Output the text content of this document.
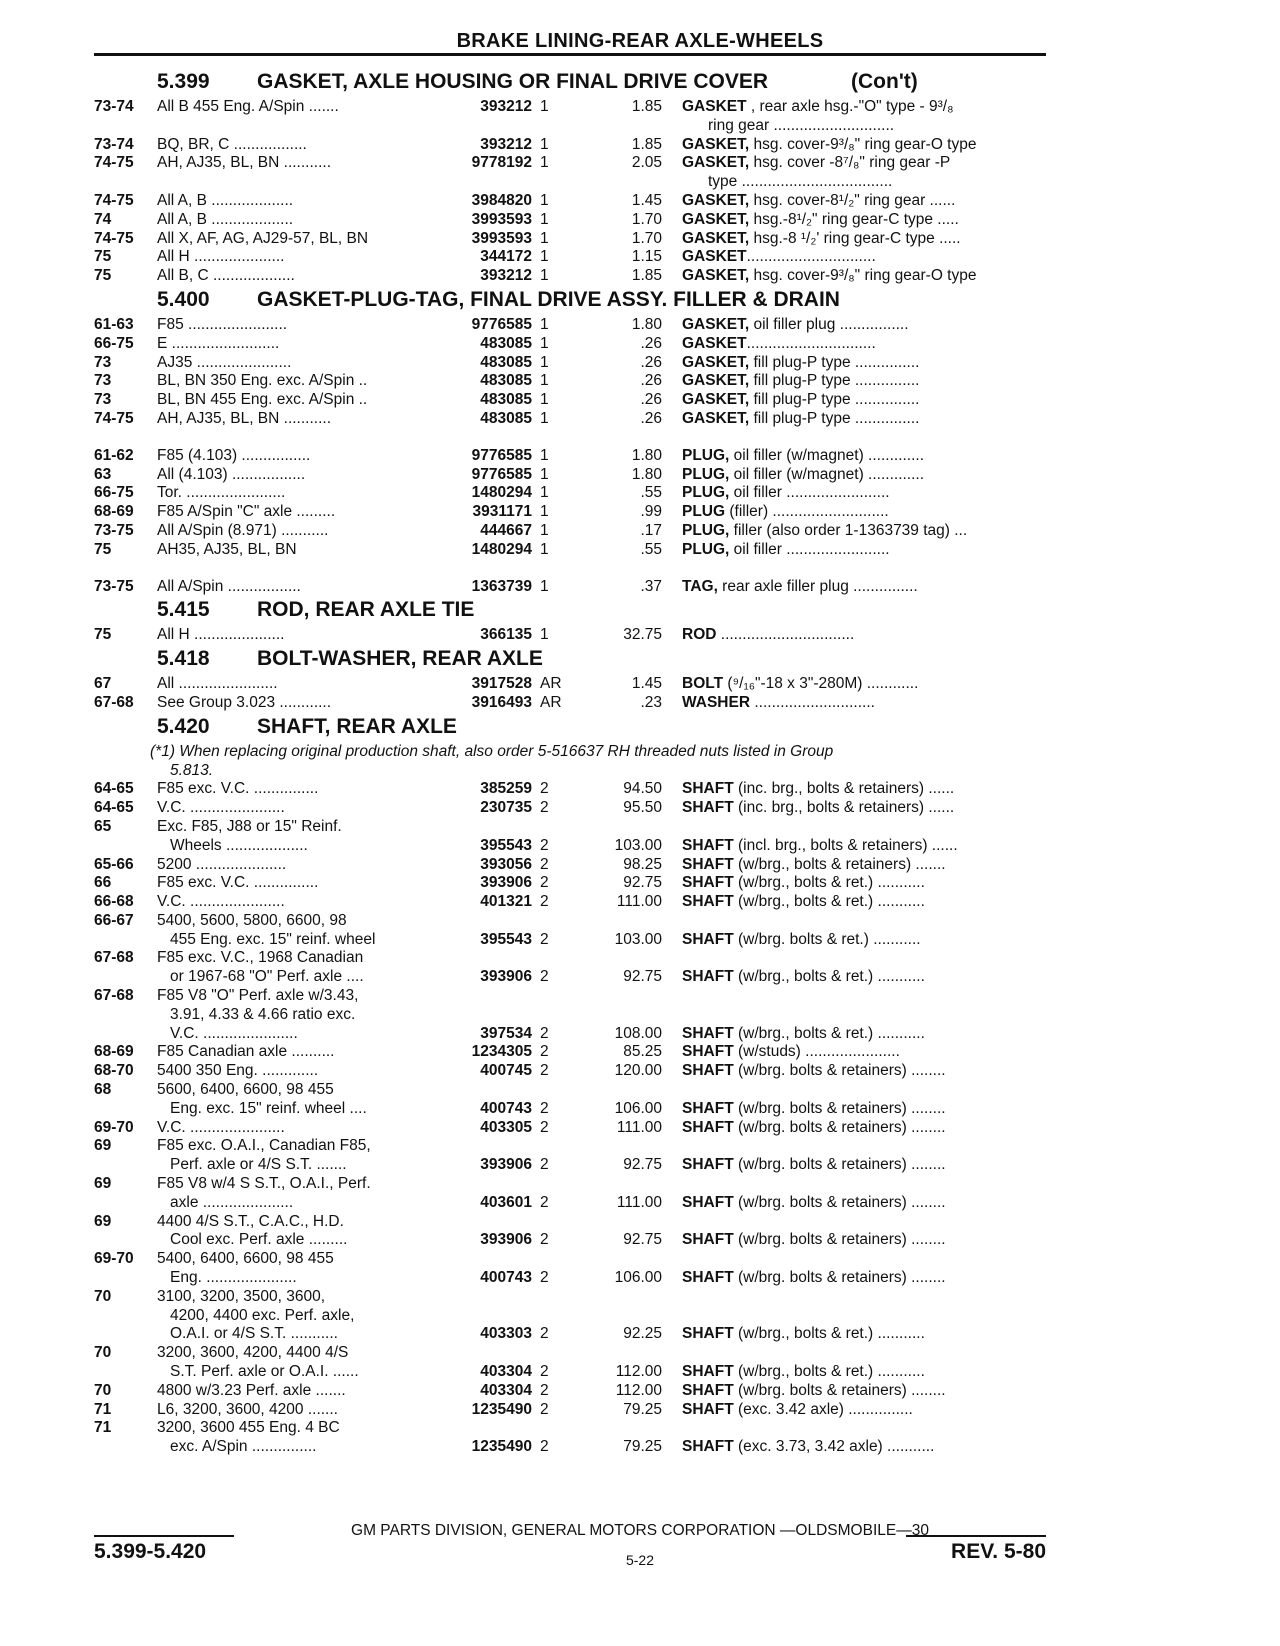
BRAKE LINING-REAR AXLE-WHEELS
5.399 GASKET, AXLE HOUSING OR FINAL DRIVE COVER	(Con't)
73-74 All B 455 Eng. A/Spin .......	393212 1	1.85 GASKET , rear axle hsg.-"O" type - 9³/₈
ring gear ............................
73-74 BQ, BR, C .................	393212 1	1.85 GASKET, hsg. cover-9³/₈" ring gear-O type
74-75 AH, AJ35, BL, BN ...........	9778192 1	2.05 GASKET, hsg. cover -8⁷/₈" ring gear -P
type ...................................
74-75 All A, B ...................	3984820 1	1.45 GASKET, hsg. cover-8¹/₂" ring gear ......
74	All A, B ...................	3993593 1	1.70 GASKET, hsg.-8¹/₂" ring gear-C type .....
74-75 All X, AF, AG, AJ29-57, BL, BN	3993593 1	1.70 GASKET, hsg.-8 ¹/₂' ring gear-C type .....
75	All H .....................	344172 1	1.15 GASKET..............................
75	All B, C ...................	393212 1	1.85 GASKET, hsg. cover-9³/₈" ring gear-O type
5.400 GASKET-PLUG-TAG, FINAL DRIVE ASSY. FILLER & DRAIN
61-63 F85 .......................	9776585 1	1.80 GASKET, oil filler plug ................
66-75 E .........................	483085 1	.26 GASKET..............................
73	AJ35 ......................	483085 1	.26 GASKET, fill plug-P type ...............
73	BL, BN 350 Eng. exc. A/Spin ..	483085 1	.26 GASKET, fill plug-P type ...............
73	BL, BN 455 Eng. exc. A/Spin ..	483085 1	.26 GASKET, fill plug-P type ...............
74-75 AH, AJ35, BL, BN ...........	483085 1	.26 GASKET, fill plug-P type ...............
61-62 F85 (4.103) ................	9776585 1	1.80 PLUG, oil filler (w/magnet) .............
63	All (4.103) .................	9776585 1	1.80 PLUG, oil filler (w/magnet) .............
66-75 Tor. .......................	1480294 1	.55 PLUG, oil filler ........................
68-69 F85 A/Spin "C" axle .........	3931171 1	.99 PLUG (filler) ...........................
73-75 All A/Spin (8.971) ...........	444667 1	.17 PLUG, filler (also order 1-1363739 tag) ...
75	AH35, AJ35, BL, BN	1480294 1	.55 PLUG, oil filler ........................
73-75 All A/Spin .................	1363739 1	.37 TAG, rear axle filler plug ...............
5.415 ROD, REAR AXLE TIE
75	All H .....................	366135 1	32.75 ROD ...............................
5.418 BOLT-WASHER, REAR AXLE
67	All .......................	3917528 AR	1.45 BOLT (⁹/₁₆"-18 x 3"-280M) ............
67-68 See Group 3.023 ............	3916493 AR	.23 WASHER ............................
5.420 SHAFT, REAR AXLE
(*1) When replacing original production shaft, also order 5-516637 RH threaded nuts listed in Group
5.813.
64-65 F85 exc. V.C. ...............	385259 2	94.50 SHAFT (inc. brg., bolts & retainers) ......
64-65 V.C. ......................	230735 2	95.50 SHAFT (inc. brg., bolts & retainers) ......
65	Exc. F85, J88 or 15" Reinf.
Wheels ...................	395543 2	103.00 SHAFT (incl. brg., bolts & retainers) ......
65-66 5200 .....................	393056 2	98.25 SHAFT (w/brg., bolts & retainers) .......
66	F85 exc. V.C. ...............	393906 2	92.75 SHAFT (w/brg., bolts & ret.) ...........
66-68 V.C. ......................	401321 2	111.00 SHAFT (w/brg., bolts & ret.) ...........
66-67 5400, 5600, 5800, 6600, 98
455 Eng. exc. 15" reinf. wheel	395543 2	103.00 SHAFT (w/brg. bolts & ret.) ...........
67-68 F85 exc. V.C., 1968 Canadian
or 1967-68 "O" Perf. axle ....	393906 2	92.75 SHAFT (w/brg., bolts & ret.) ...........
67-68 F85 V8 "O" Perf. axle w/3.43,
3.91, 4.33 & 4.66 ratio exc.
V.C. ......................	397534 2	108.00 SHAFT (w/brg., bolts & ret.) ...........
68-69 F85 Canadian axle ..........	1234305 2	85.25 SHAFT (w/studs) ......................
68-70 5400 350 Eng. .............	400745 2	120.00 SHAFT (w/brg. bolts & retainers) ........
68	5600, 6400, 6600, 98 455
Eng. exc. 15" reinf. wheel ....	400743 2	106.00 SHAFT (w/brg. bolts & retainers) ........
69-70 V.C. ......................	403305 2	111.00 SHAFT (w/brg. bolts & retainers) ........
69	F85 exc. O.A.I., Canadian F85,
Perf. axle or 4/S S.T. .......	393906 2	92.75 SHAFT (w/brg. bolts & retainers) ........
69	F85 V8 w/4 S S.T., O.A.I., Perf.
axle .....................	403601 2	111.00 SHAFT (w/brg. bolts & retainers) ........
69	4400 4/S S.T., C.A.C., H.D.
Cool exc. Perf. axle .........	393906 2	92.75 SHAFT (w/brg. bolts & retainers) ........
69-70 5400, 6400, 6600, 98 455
Eng. .....................	400743 2	106.00 SHAFT (w/brg. bolts & retainers) ........
70	3100, 3200, 3500, 3600,
4200, 4400 exc. Perf. axle,
O.A.I. or 4/S S.T. ...........	403303 2	92.25 SHAFT (w/brg., bolts & ret.) ...........
70	3200, 3600, 4200, 4400 4/S
S.T. Perf. axle or O.A.I. ......	403304 2	112.00 SHAFT (w/brg., bolts & ret.) ...........
70	4800 w/3.23 Perf. axle .......	403304 2	112.00 SHAFT (w/brg. bolts & retainers) ........
71	L6, 3200, 3600, 4200 .......	1235490 2	79.25 SHAFT (exc. 3.42 axle) ...............
71	3200, 3600 455 Eng. 4 BC
exc. A/Spin ...............	1235490 2	79.25 SHAFT (exc. 3.73, 3.42 axle) ...........
GM PARTS DIVISION, GENERAL MOTORS CORPORATION —OLDSMOBILE—30
5.399-5.420	5-22	REV. 5-80
